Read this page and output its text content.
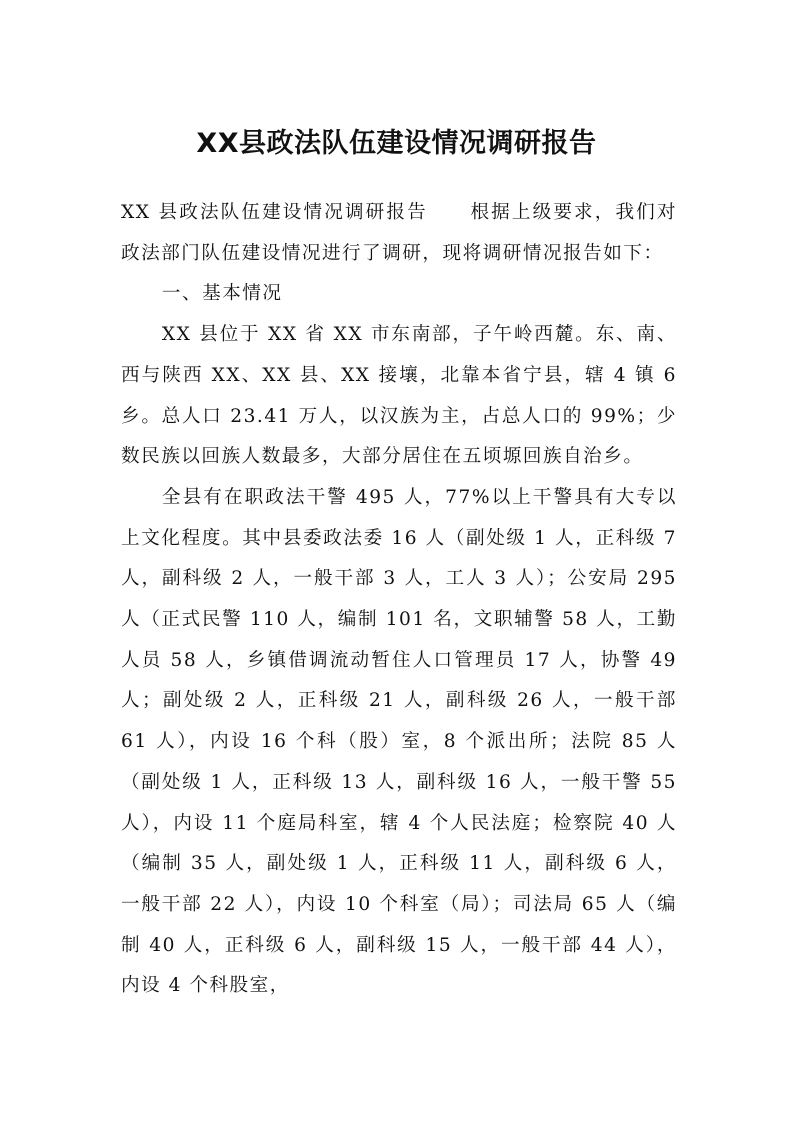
XX县政法队伍建设情况调研报告

XX 县政法队伍建设情况调研报告 根据上级要求，我们对政法部门队伍建设情况进行了调研，现将调研情况报告如下：

一、基本情况

XX 县位于 XX 省 XX 市东南部，子午岭西麓。东、南、西与陕西 XX、XX 县、XX 接壤，北靠本省宁县，辖 4 镇 6 乡。总人口 23.41 万人，以汉族为主，占总人口的 99%；少数民族以回族人数最多，大部分居住在五顷塬回族自治乡。

全县有在职政法干警 495 人，77%以上干警具有大专以上文化程度。其中县委政法委 16 人（副处级 1 人，正科级 7 人，副科级 2 人，一般干部 3 人，工人 3 人）；公安局 295 人（正式民警 110 人，编制 101 名，文职辅警 58 人，工勤人员 58 人，乡镇借调流动暂住人口管理员 17 人，协警 49 人；副处级 2 人，正科级 21 人，副科级 26 人，一般干部 61 人），内设 16 个科（股）室，8 个派出所；法院 85 人（副处级 1 人，正科级 13 人，副科级 16 人，一般干警 55 人），内设 11 个庭局科室，辖 4 个人民法庭；检察院 40 人（编制 35 人，副处级 1 人，正科级 11 人，副科级 6 人，一般干部 22 人），内设 10 个科室（局）；司法局 65 人（编制 40 人，正科级 6 人，副科级 15 人，一般干部 44 人），内设 4 个科股室，
